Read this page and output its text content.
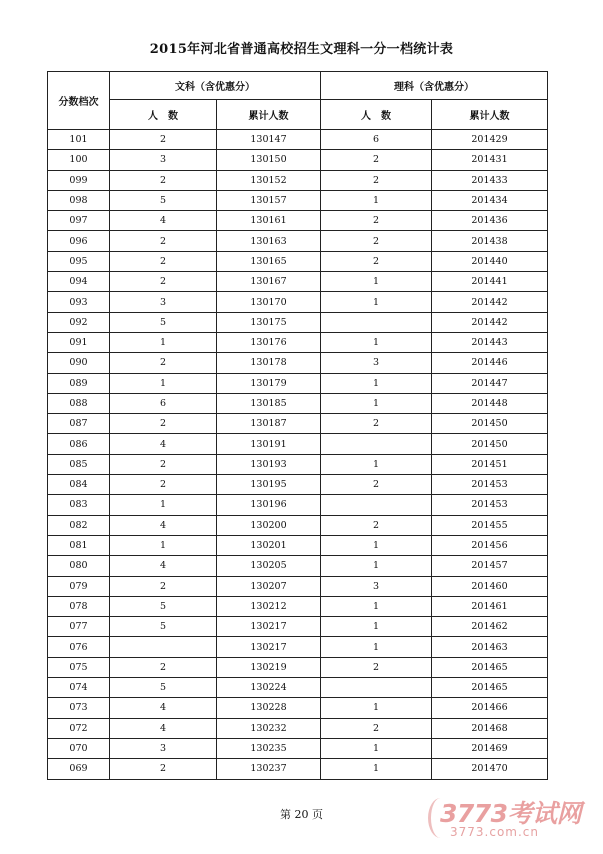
2015年河北省普通高校招生文理科一分一档统计表
分数档次	文科（含优惠分）		理科（含优惠分）	
	人　数	累计人数	人　数	累计人数
101	2	130147	6	201429
100	3	130150	2	201431
099	2	130152	2	201433
098	5	130157	1	201434
097	4	130161	2	201436
096	2	130163	2	201438
095	2	130165	2	201440
094	2	130167	1	201441
093	3	130170	1	201442
092	5	130175		201442
091	1	130176	1	201443
090	2	130178	3	201446
089	1	130179	1	201447
088	6	130185	1	201448
087	2	130187	2	201450
086	4	130191		201450
085	2	130193	1	201451
084	2	130195	2	201453
083	1	130196		201453
082	4	130200	2	201455
081	1	130201	1	201456
080	4	130205	1	201457
079	2	130207	3	201460
078	5	130212	1	201461
077	5	130217	1	201462
076		130217	1	201463
075	2	130219	2	201465
074	5	130224		201465
073	4	130228	1	201466
072	4	130232	2	201468
070	3	130235	1	201469
069	2	130237	1	201470
第 20 页	3773考试网
3773.com.cn
